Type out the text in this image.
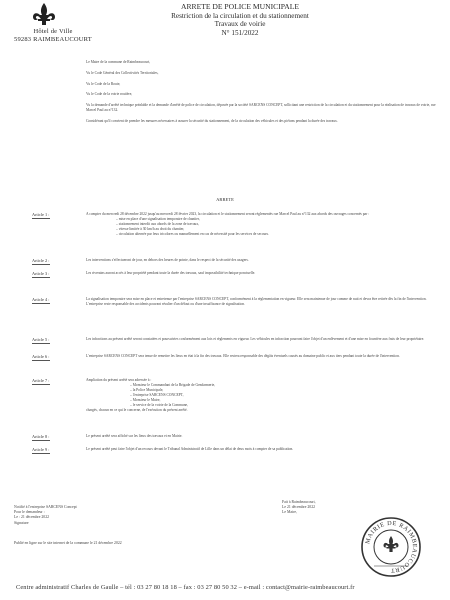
Hôtel de Ville
59283 RAIMBEAUCOURT
ARRETE DE POLICE MUNICIPALE
Restriction de la circulation et du stationnement
Travaux de voirie
N° 151/2022
Le Maire de la commune de Raimbeaucourt,
Vu le Code Général des Collectivités Territoriales,
Vu le Code de la Route,
Vu le Code de la voirie routière,
Vu la demande d'arrêté technique préalable et la demande d'arrêté de police de circulation, déposée par la société SARCENS CONCEPT, sollicitant une restriction de la circulation et du stationnement pour la réalisation de travaux de voirie, rue Marcel Paul au n°132.
Considérant qu'il convient de prendre les mesures nécessaires à assurer la sécurité du stationnement, de la circulation des véhicules et des piétons pendant la durée des travaux.
ARRETE
Article 1 :	A compter du mercredi 28 décembre 2022 jusqu'au mercredi 28 février 2023, la circulation et le stationnement seront réglementés rue Marcel Paul au n°132 aux abords des ouvrages concernés par :
– mise en place d'une signalisation temporaire de chantier,
– stationnement interdit aux abords de la zone de travaux,
– vitesse limitée à 30 km/h au droit du chantier,
– circulation alternée par feux tricolores ou manuellement en cas de nécessité pour les services de secours.
Article 2 :	Les interventions s'effectueront de jour, en dehors des heures de pointe, dans le respect de la sécurité des usagers.
Article 3 :	Les riverains auront accès à leur propriété pendant toute la durée des travaux, sauf impossibilité technique ponctuelle.
Article 4 :	La signalisation temporaire sera mise en place et entretenue par l'entreprise SARCENS CONCEPT, conformément à la réglementation en vigueur. Elle sera maintenue de jour comme de nuit et devra être retirée dès la fin de l'intervention. L'entreprise reste responsable des accidents pouvant résulter d'un défaut ou d'une insuffisance de signalisation.
Article 5 :	Les infractions au présent arrêté seront constatées et poursuivies conformément aux lois et règlements en vigueur. Les véhicules en infraction pourront faire l'objet d'un enlèvement et d'une mise en fourrière aux frais de leur propriétaire.
Article 6 :	L'entreprise SARCENS CONCEPT sera tenue de remettre les lieux en état à la fin des travaux. Elle restera responsable des dégâts éventuels causés au domaine public et aux tiers pendant toute la durée de l'intervention.
Article 7 :	Ampliation du présent arrêté sera adressée à :
– Monsieur le Commandant de la Brigade de Gendarmerie,
– la Police Municipale,
– l'entreprise SARCENS CONCEPT,
– Monsieur le Maire,
– le service de la voirie de la Commune,
chargés, chacun en ce qui le concerne, de l'exécution du présent arrêté.
Article 8 :	Le présent arrêté sera affiché sur les lieux des travaux et en Mairie.
Article 9 :	Le présent arrêté peut faire l'objet d'un recours devant le Tribunal Administratif de Lille dans un délai de deux mois à compter de sa publication.
Notifié à l'entreprise SARCENS Concept
Pour le demandeur :
Le : 21 décembre 2022
Signature
Publié en ligne sur le site internet de la commune le 21 décembre 2022
Fait à Raimbeaucourt,
Le 21 décembre 2022
Le Maire,
MAIRIE DE RAIMBEAUCOURT
Centre administratif Charles de Gaulle – tél : 03 27 80 18 18 – fax : 03 27 80 50 32 – e-mail : contact@mairie-raimbeaucourt.fr
